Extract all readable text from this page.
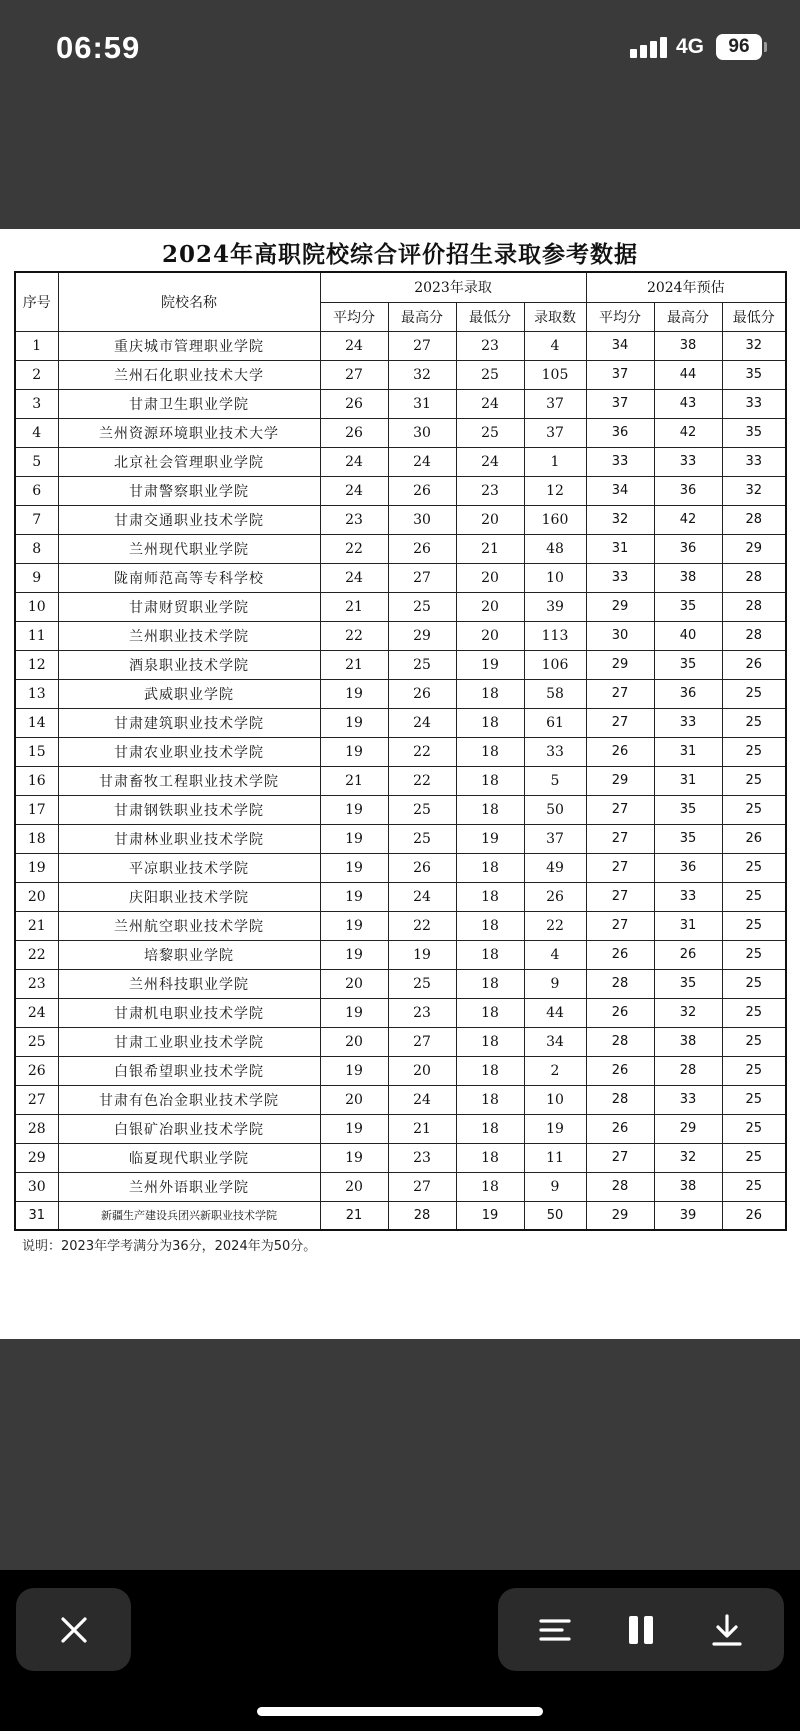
06:59	4G	96
2024年高职院校综合评价招生录取参考数据
序号	院校名称	2023年录取				2024年预估		
		平均分	最高分	最低分	录取数	平均分	最高分	最低分
1	重庆城市管理职业学院	24	27	23	4	34	38	32
2	兰州石化职业技术大学	27	32	25	105	37	44	35
3	甘肃卫生职业学院	26	31	24	37	37	43	33
4	兰州资源环境职业技术大学	26	30	25	37	36	42	35
5	北京社会管理职业学院	24	24	24	1	33	33	33
6	甘肃警察职业学院	24	26	23	12	34	36	32
7	甘肃交通职业技术学院	23	30	20	160	32	42	28
8	兰州现代职业学院	22	26	21	48	31	36	29
9	陇南师范高等专科学校	24	27	20	10	33	38	28
10	甘肃财贸职业学院	21	25	20	39	29	35	28
11	兰州职业技术学院	22	29	20	113	30	40	28
12	酒泉职业技术学院	21	25	19	106	29	35	26
13	武威职业学院	19	26	18	58	27	36	25
14	甘肃建筑职业技术学院	19	24	18	61	27	33	25
15	甘肃农业职业技术学院	19	22	18	33	26	31	25
16	甘肃畜牧工程职业技术学院	21	22	18	5	29	31	25
17	甘肃钢铁职业技术学院	19	25	18	50	27	35	25
18	甘肃林业职业技术学院	19	25	19	37	27	35	26
19	平凉职业技术学院	19	26	18	49	27	36	25
20	庆阳职业技术学院	19	24	18	26	27	33	25
21	兰州航空职业技术学院	19	22	18	22	27	31	25
22	培黎职业学院	19	19	18	4	26	26	25
23	兰州科技职业学院	20	25	18	9	28	35	25
24	甘肃机电职业技术学院	19	23	18	44	26	32	25
25	甘肃工业职业技术学院	20	27	18	34	28	38	25
26	白银希望职业技术学院	19	20	18	2	26	28	25
27	甘肃有色冶金职业技术学院	20	24	18	10	28	33	25
28	白银矿冶职业技术学院	19	21	18	19	26	29	25
29	临夏现代职业学院	19	23	18	11	27	32	25
30	兰州外语职业学院	20	27	18	9	28	38	25
31	新疆生产建设兵团兴新职业技术学院	21	28	19	50	29	39	26
说明：2023年学考满分为36分，2024年为50分。
